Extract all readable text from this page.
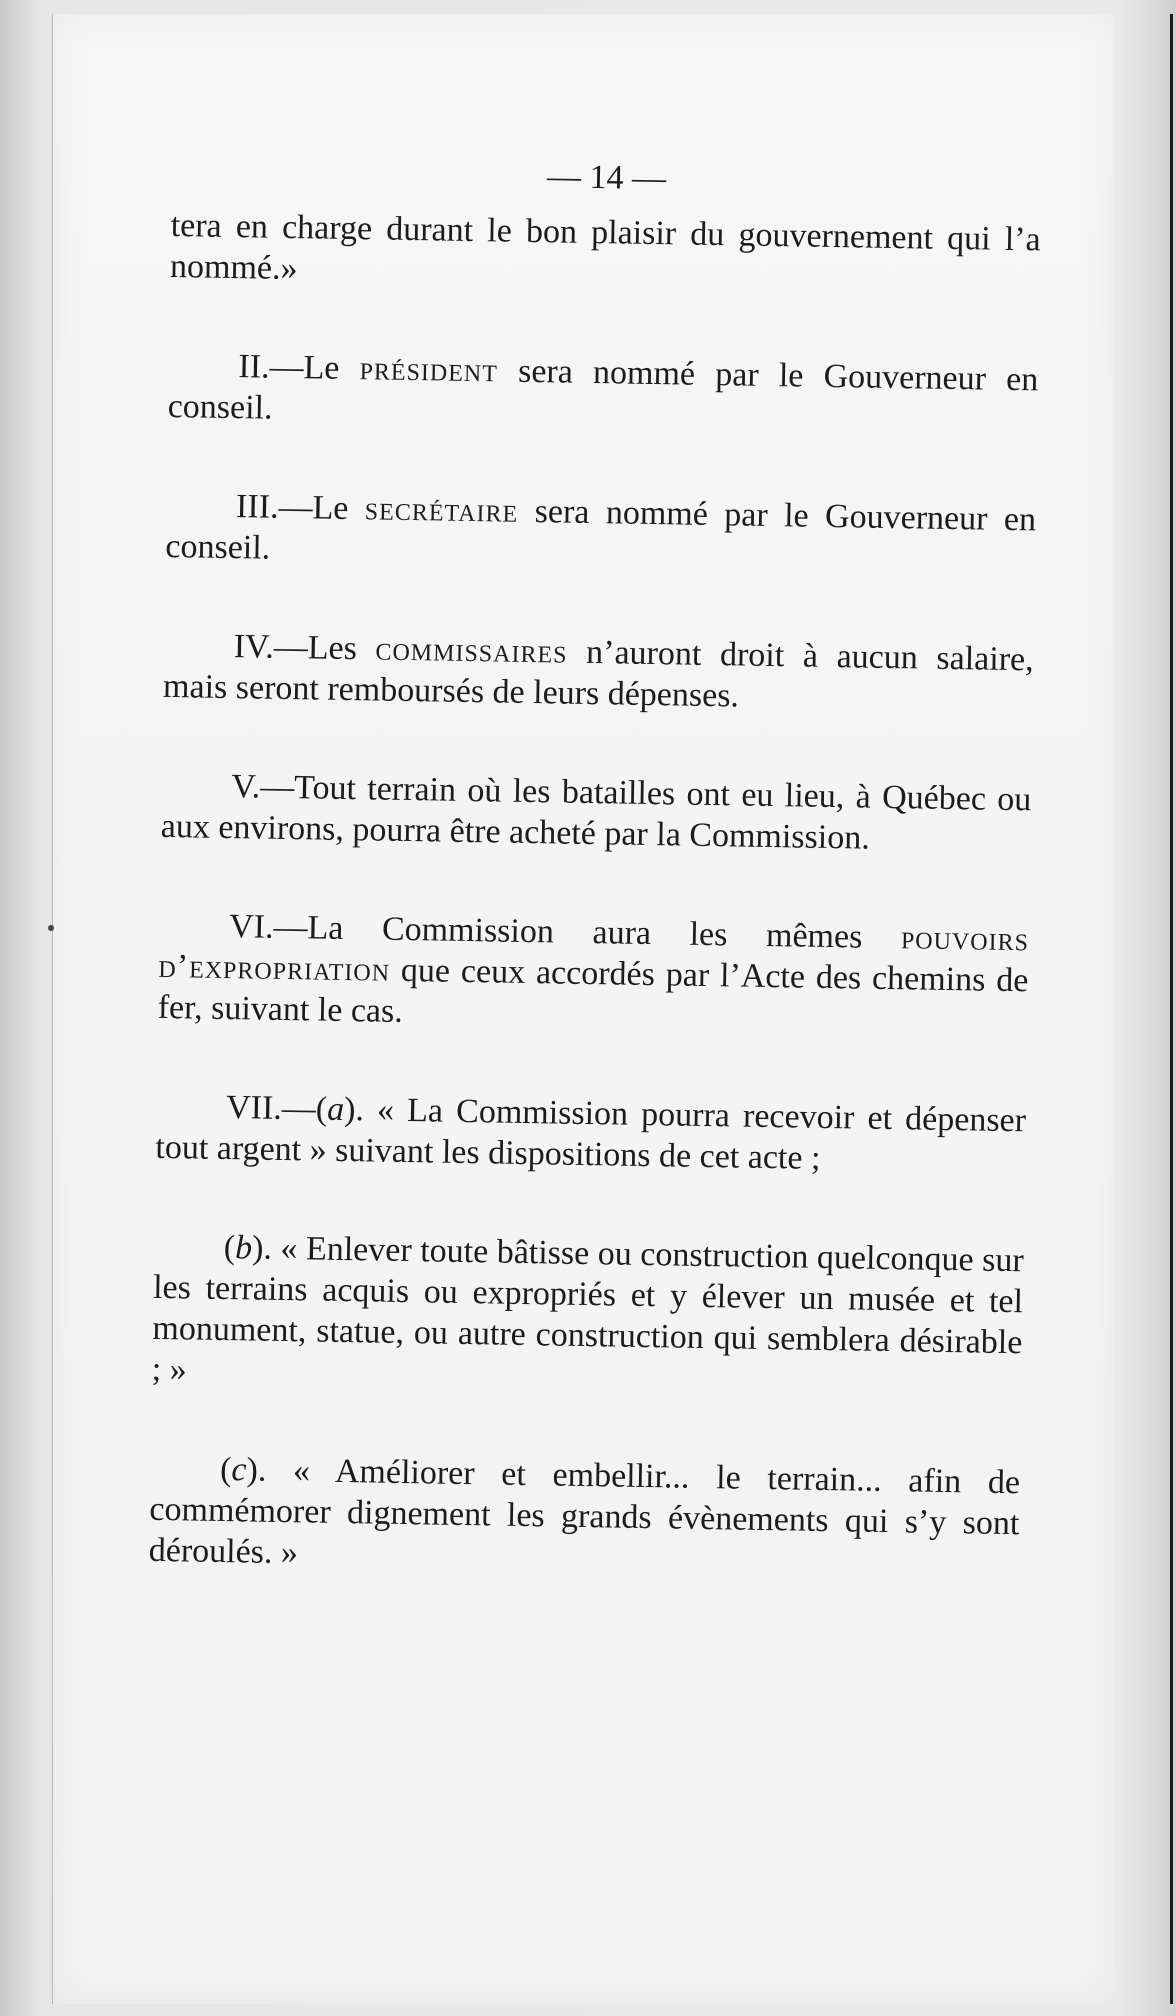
— 14 —

tera en charge durant le bon plaisir du gouvernement qui l’a nommé.»

II.—Le président sera nommé par le Gouverneur en conseil.

III.—Le secrétaire sera nommé par le Gouverneur en conseil.

IV.—Les commissaires n’auront droit à aucun salaire, mais seront remboursés de leurs dépenses.

V.—Tout terrain où les batailles ont eu lieu, à Québec ou aux environs, pourra être acheté par la Commission.

VI.—La Commission aura les mêmes pouvoirs d’expropriation que ceux accordés par l’Acte des chemins de fer, suivant le cas.

VII.—(a). « La Commission pourra recevoir et dépenser tout argent » suivant les dispositions de cet acte ;

(b). « Enlever toute bâtisse ou construction quelconque sur les terrains acquis ou expropriés et y élever un musée et tel monument, statue, ou autre construction qui semblera désirable ; »

(c). « Améliorer et embellir... le terrain... afin de commémorer dignement les grands évènements qui s’y sont déroulés. »
